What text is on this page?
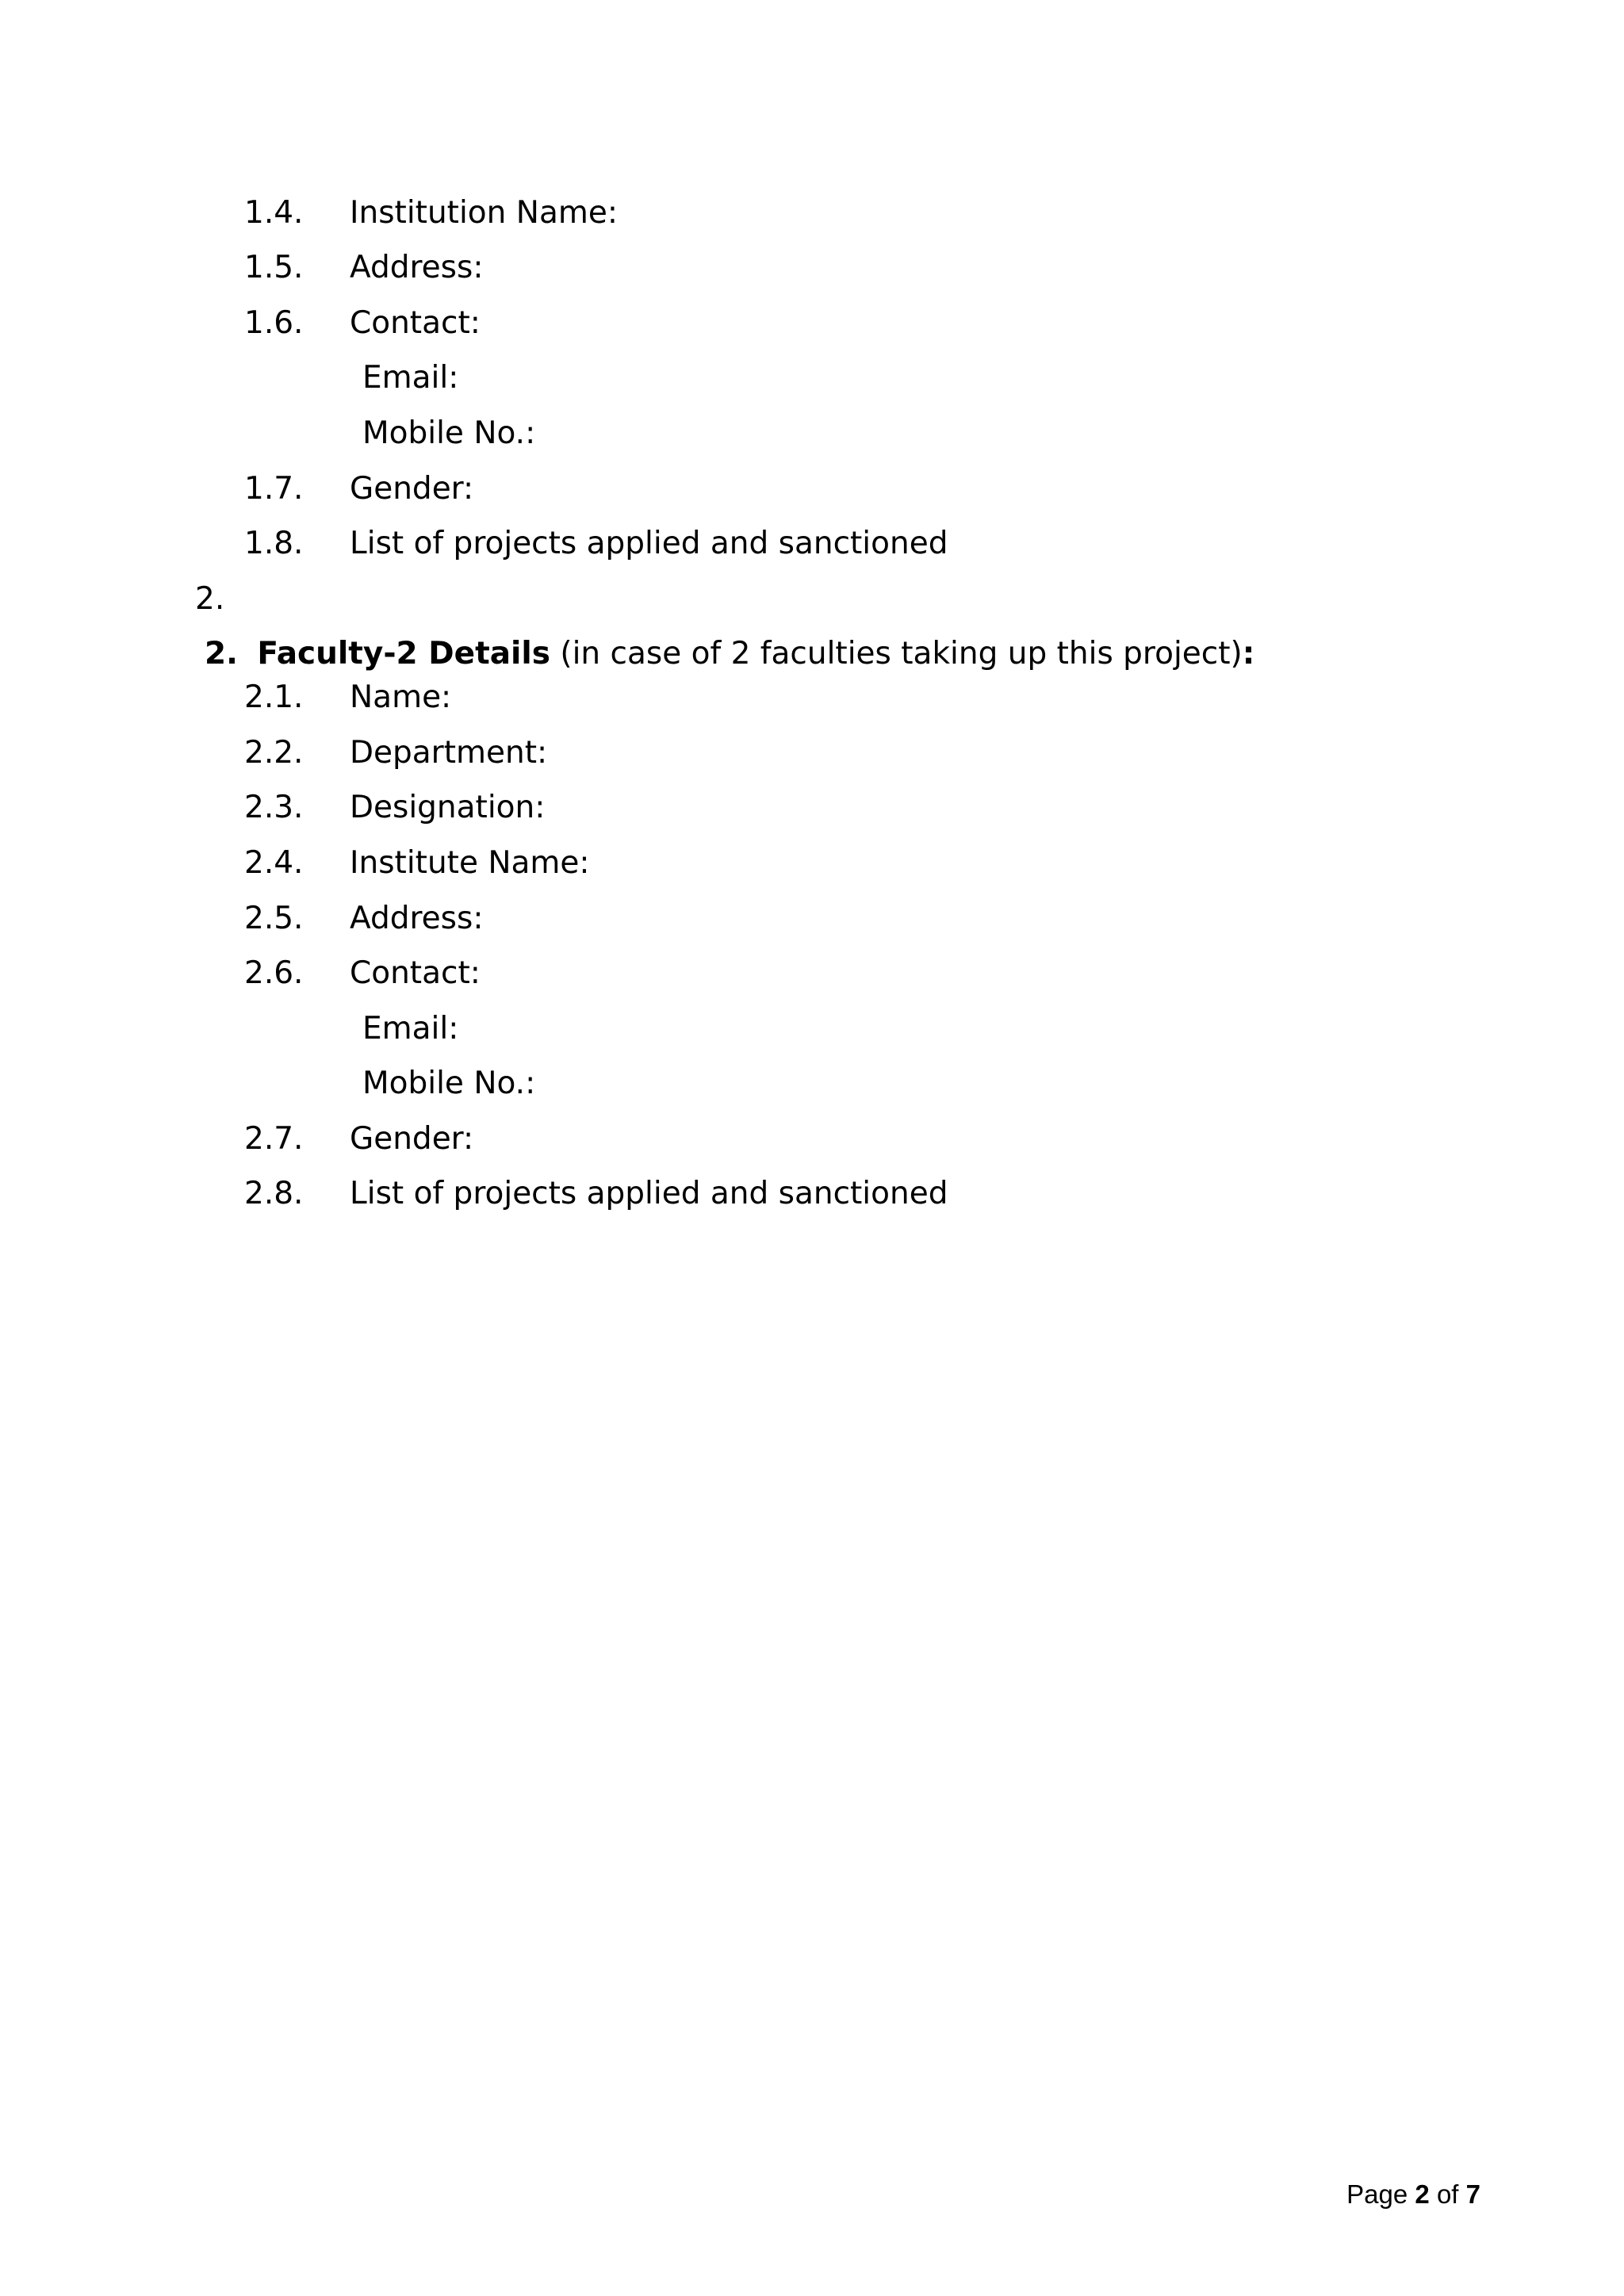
1.4. Institution Name:
1.5. Address:
1.6. Contact:
Email:
Mobile No.:
1.7. Gender:
1.8. List of projects applied and sanctioned
2.
2. Faculty-2 Details (in case of 2 faculties taking up this project):
2.1. Name:
2.2. Department:
2.3. Designation:
2.4. Institute Name:
2.5. Address:
2.6. Contact:
Email:
Mobile No.:
2.7. Gender:
2.8. List of projects applied and sanctioned
Page 2 of 7
